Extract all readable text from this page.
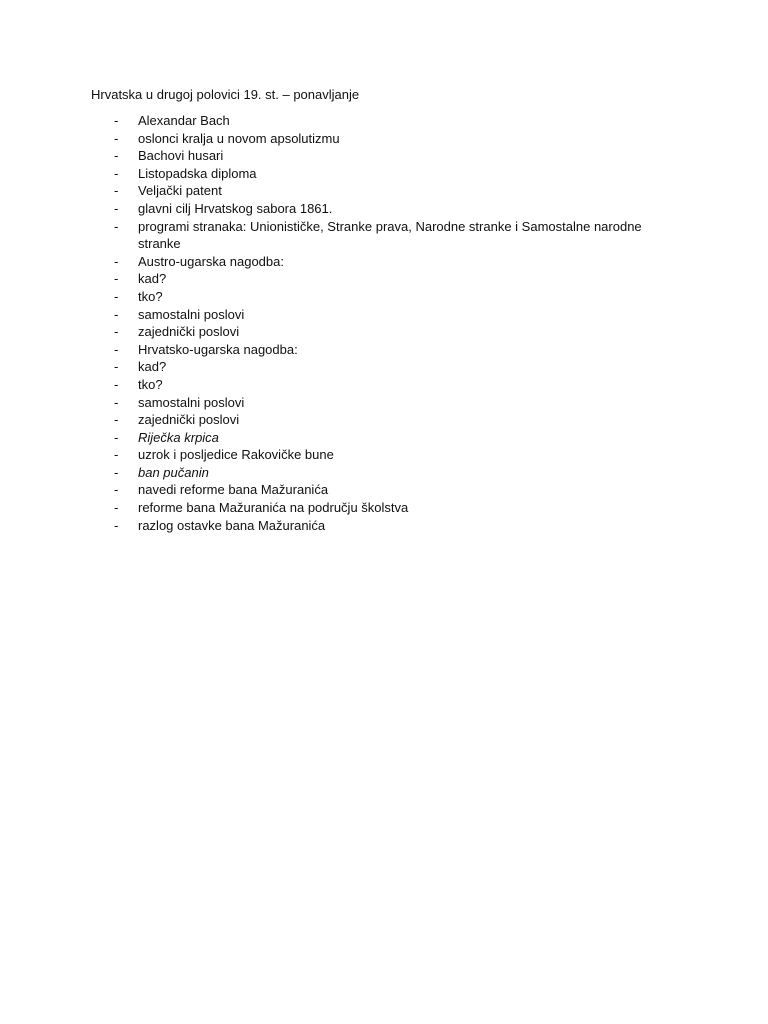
Hrvatska u drugoj polovici 19. st. – ponavljanje
- Alexandar Bach
- oslonci kralja u novom apsolutizmu
- Bachovi husari
- Listopadska diploma
- Veljački patent
- glavni cilj Hrvatskog sabora 1861.
- programi stranaka: Unionističke, Stranke prava, Narodne stranke i Samostalne narodne stranke
- Austro-ugarska nagodba:
- kad?
- tko?
- samostalni poslovi
- zajednički poslovi
- Hrvatsko-ugarska nagodba:
- kad?
- tko?
- samostalni poslovi
- zajednički poslovi
- Riječka krpica
- uzrok i posljedice Rakovičke bune
- ban pučanin
- navedi reforme bana Mažuranića
- reforme bana Mažuranića na području školstva
- razlog ostavke bana Mažuranića
